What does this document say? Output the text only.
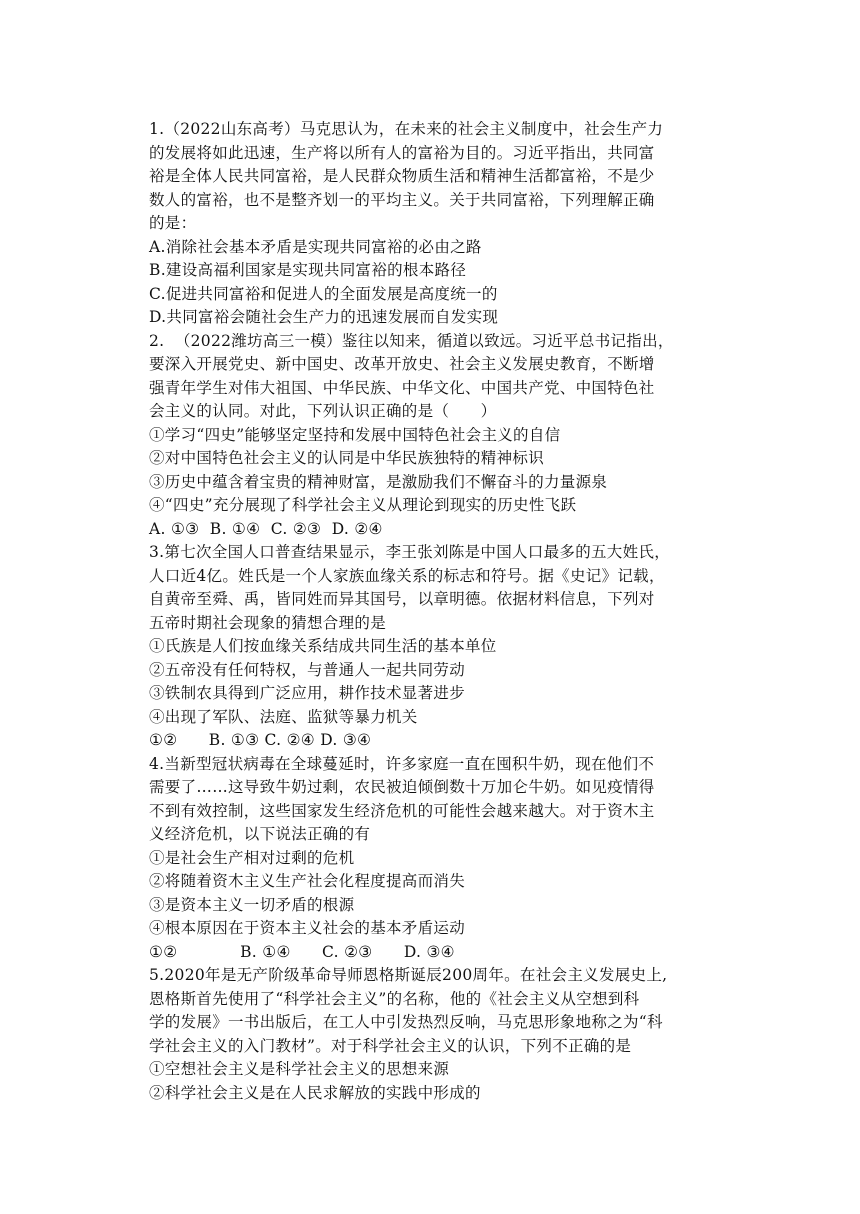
1.（2022山东高考）马克思认为，在未来的社会主义制度中，社会生产力
的发展将如此迅速，生产将以所有人的富裕为目的。习近平指出，共同富
裕是全体人民共同富裕，是人民群众物质生活和精神生活都富裕，不是少
数人的富裕，也不是整齐划一的平均主义。关于共同富裕，下列理解正确
的是：
A.消除社会基本矛盾是实现共同富裕的必由之路
B.建设高福利国家是实现共同富裕的根本路径
C.促进共同富裕和促进人的全面发展是高度统一的
D.共同富裕会随社会生产力的迅速发展而自发实现
2.  （2022潍坊高三一模）鉴往以知来，循道以致远。习近平总书记指出，
要深入开展党史、新中国史、改革开放史、社会主义发展史教育，不断增
强青年学生对伟大祖国、中华民族、中华文化、中国共产党、中国特色社
会主义的认同。对此，下列认识正确的是（      ）
①学习“四史”能够坚定坚持和发展中国特色社会主义的自信
②对中国特色社会主义的认同是中华民族独特的精神标识
③历史中蕴含着宝贵的精神财富，是激励我们不懈奋斗的力量源泉
④“四史”充分展现了科学社会主义从理论到现实的历史性飞跃
A. ①③  B. ①④  C. ②③  D. ②④
3.第七次全国人口普查结果显示，李王张刘陈是中国人口最多的五大姓氏，
人口近4亿。姓氏是一个人家族血缘关系的标志和符号。据《史记》记载，
自黄帝至舜、禹，皆同姓而异其国号，以章明德。依据材料信息，下列对
五帝时期社会现象的猜想合理的是
①氏族是人们按血缘关系结成共同生活的基本单位
②五帝没有任何特权，与普通人一起共同劳动
③铁制农具得到广泛应用，耕作技术显著进步
④出现了军队、法庭、监狱等暴力机关
①②      B. ①③ C. ②④ D. ③④
4.当新型冠状病毒在全球蔓延时，许多家庭一直在囤积牛奶，现在他们不
需要了……这导致牛奶过剩，农民被迫倾倒数十万加仑牛奶。如见疫情得
不到有效控制，这些国家发生经济危机的可能性会越来越大。对于资木主
义经济危机，以下说法正确的有
①是社会生产相对过剩的危机
②将随着资木主义生产社会化程度提高而消失
③是资本主义一切矛盾的根源
④根本原因在于资本主义社会的基本矛盾运动
①②            B. ①④      C. ②③      D. ③④
5.2020年是无产阶级革命导师恩格斯诞辰200周年。在社会主义发展史上,
恩格斯首先使用了“科学社会主义”的名称，他的《社会主义从空想到科
学的发展》一书出版后，在工人中引发热烈反响，马克思形象地称之为“科
学社会主义的入门教材”。对于科学社会主义的认识，下列不正确的是
①空想社会主义是科学社会主义的思想来源
②科学社会主义是在人民求解放的实践中形成的
